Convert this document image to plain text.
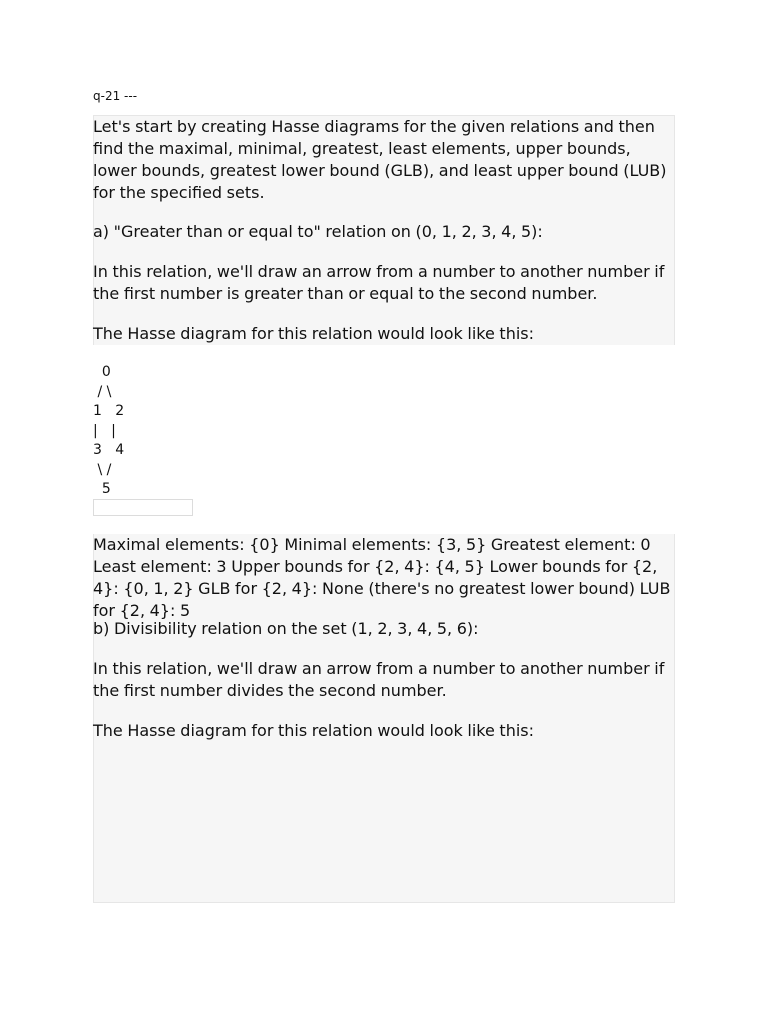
q-21 ---

Let's start by creating Hasse diagrams for the given relations and then find the maximal, minimal, greatest, least elements, upper bounds, lower bounds, greatest lower bound (GLB), and least upper bound (LUB) for the specified sets.

a) "Greater than or equal to" relation on (0, 1, 2, 3, 4, 5):

In this relation, we'll draw an arrow from a number to another number if the first number is greater than or equal to the second number.

The Hasse diagram for this relation would look like this:

0
/ \
1   2
|   |
3   4
\ /
5

Maximal elements: {0} Minimal elements: {3, 5} Greatest element: 0 Least element: 3 Upper bounds for {2, 4}: {4, 5} Lower bounds for {2, 4}: {0, 1, 2} GLB for {2, 4}: None (there's no greatest lower bound) LUB for {2, 4}: 5

b) Divisibility relation on the set (1, 2, 3, 4, 5, 6):

In this relation, we'll draw an arrow from a number to another number if the first number divides the second number.

The Hasse diagram for this relation would look like this:
